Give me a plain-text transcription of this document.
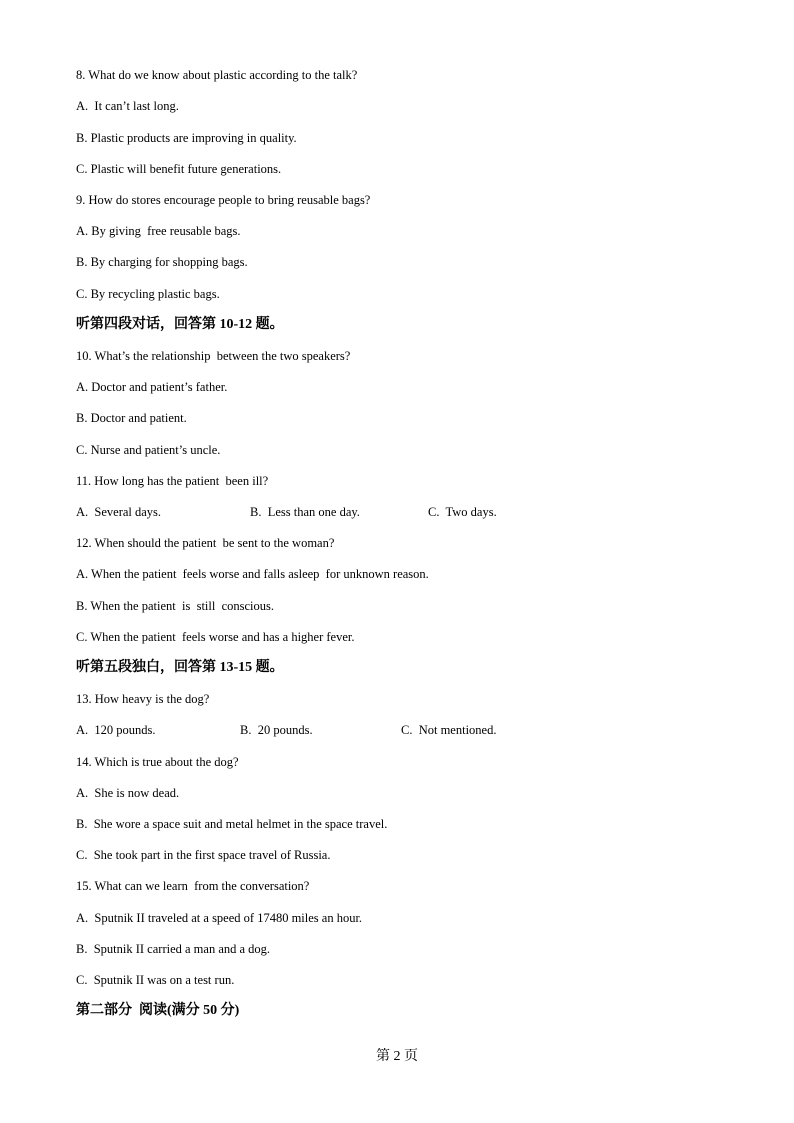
8. What do we know about plastic according to the talk?
A.  It can’t last long.
B. Plastic products are improving in quality.
C. Plastic will benefit future generations.
9. How do stores encourage people to bring reusable bags?
A. By giving  free reusable bags.
B. By charging for shopping bags.
C. By recycling plastic bags.
听第四段对话，回答第 10-12 题。
10. What’s the relationship  between the two speakers?
A. Doctor and patient’s father.
B. Doctor and patient.
C. Nurse and patient’s uncle.
11. How long has the patient  been ill?
A.  Several days.	B.  Less than one day.	C.  Two days.
12. When should the patient  be sent to the woman?
A. When the patient  feels worse and falls asleep  for unknown reason.
B. When the patient  is  still  conscious.
C. When the patient  feels worse and has a higher fever.
听第五段独白，回答第 13-15 题。
13. How heavy is the dog?
A.  120 pounds.	B.  20 pounds.	C.  Not mentioned.
14. Which is true about the dog?
A.  She is now dead.
B.  She wore a space suit and metal helmet in the space travel.
C.  She took part in the first space travel of Russia.
15. What can we learn  from the conversation?
A.  Sputnik II traveled at a speed of 17480 miles an hour.
B.  Sputnik II carried a man and a dog.
C.  Sputnik II was on a test run.
第二部分  阅读(满分 50 分)
第 2 页
